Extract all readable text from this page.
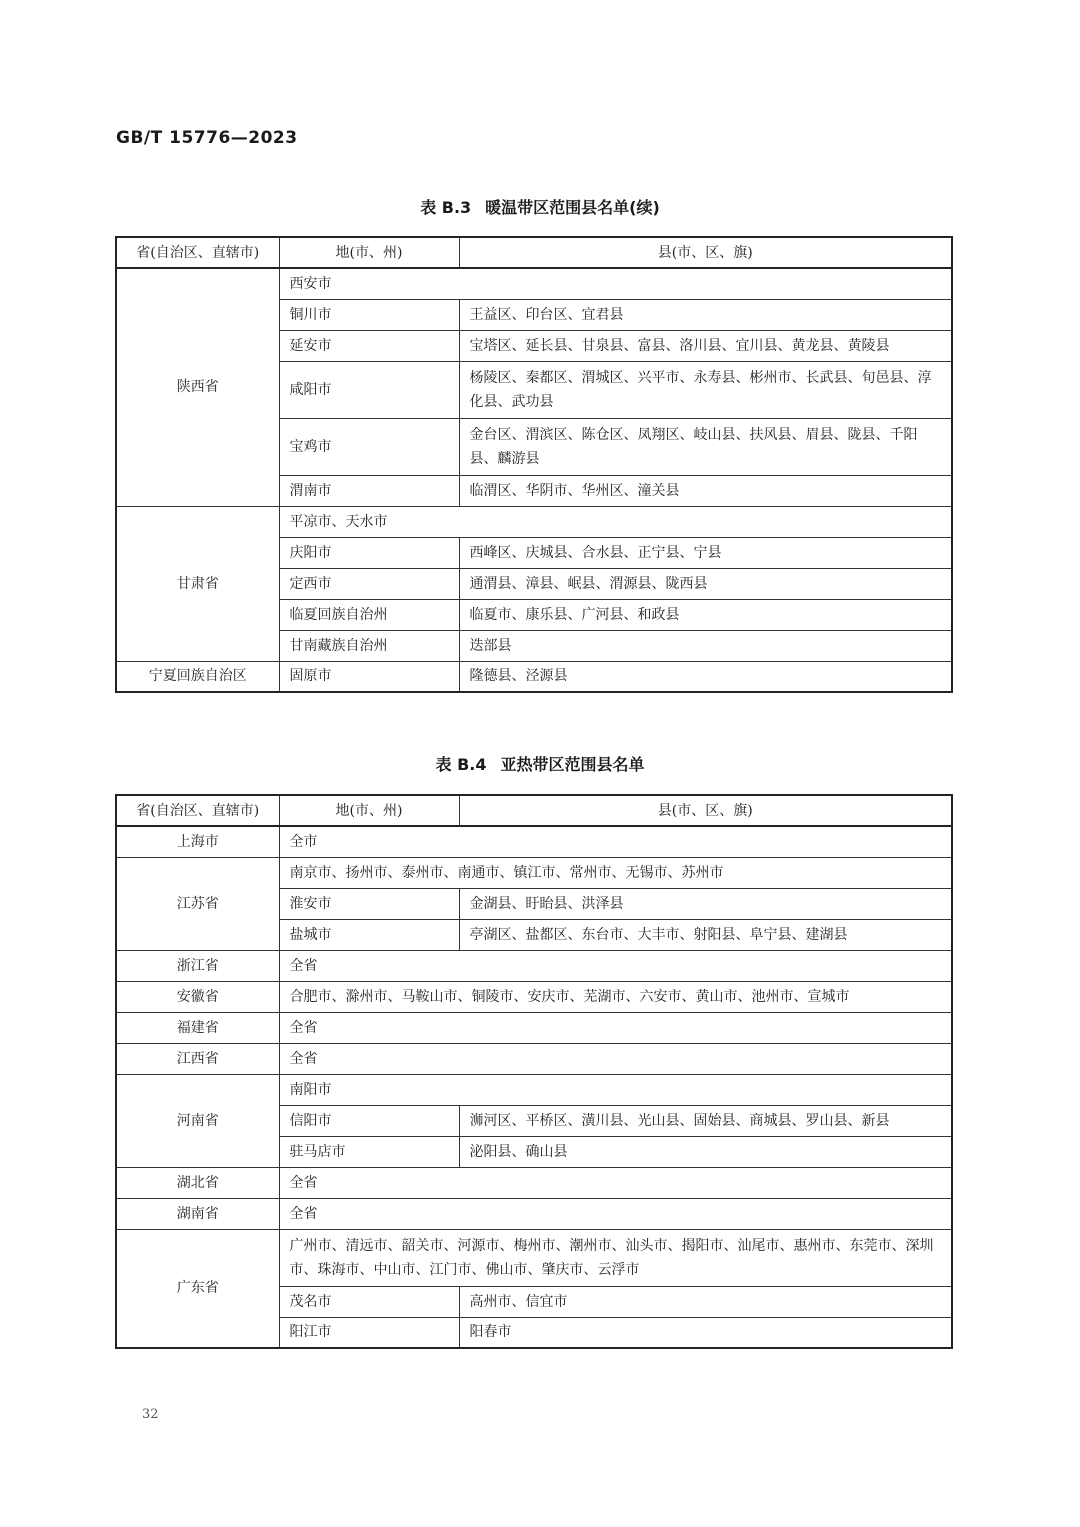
GB/T 15776—2023
表 B.3 暖温带区范围县名单(续)
省(自治区、直辖市)	地(市、州)	县(市、区、旗)
陕西省	西安市	
	铜川市	王益区、印台区、宜君县
	延安市	宝塔区、延长县、甘泉县、富县、洛川县、宜川县、黄龙县、黄陵县
	咸阳市	杨陵区、秦都区、渭城区、兴平市、永寿县、彬州市、长武县、旬邑县、淳化县、武功县
	宝鸡市	金台区、渭滨区、陈仓区、凤翔区、岐山县、扶风县、眉县、陇县、千阳县、麟游县
	渭南市	临渭区、华阴市、华州区、潼关县
甘肃省	平凉市、天水市	
	庆阳市	西峰区、庆城县、合水县、正宁县、宁县
	定西市	通渭县、漳县、岷县、渭源县、陇西县
	临夏回族自治州	临夏市、康乐县、广河县、和政县
	甘南藏族自治州	迭部县
宁夏回族自治区	固原市	隆德县、泾源县
表 B.4 亚热带区范围县名单
省(自治区、直辖市)	地(市、州)	县(市、区、旗)
上海市	全市	
江苏省	南京市、扬州市、泰州市、南通市、镇江市、常州市、无锡市、苏州市	
	淮安市	金湖县、盱眙县、洪泽县
	盐城市	亭湖区、盐都区、东台市、大丰市、射阳县、阜宁县、建湖县
浙江省	全省	
安徽省	合肥市、滁州市、马鞍山市、铜陵市、安庆市、芜湖市、六安市、黄山市、池州市、宣城市	
福建省	全省	
江西省	全省	
河南省	南阳市	
	信阳市	浉河区、平桥区、潢川县、光山县、固始县、商城县、罗山县、新县
	驻马店市	泌阳县、确山县
湖北省	全省	
湖南省	全省	
广东省	广州市、清远市、韶关市、河源市、梅州市、潮州市、汕头市、揭阳市、汕尾市、惠州市、东莞市、深圳市、珠海市、中山市、江门市、佛山市、肇庆市、云浮市	
	茂名市	高州市、信宜市
	阳江市	阳春市
32
